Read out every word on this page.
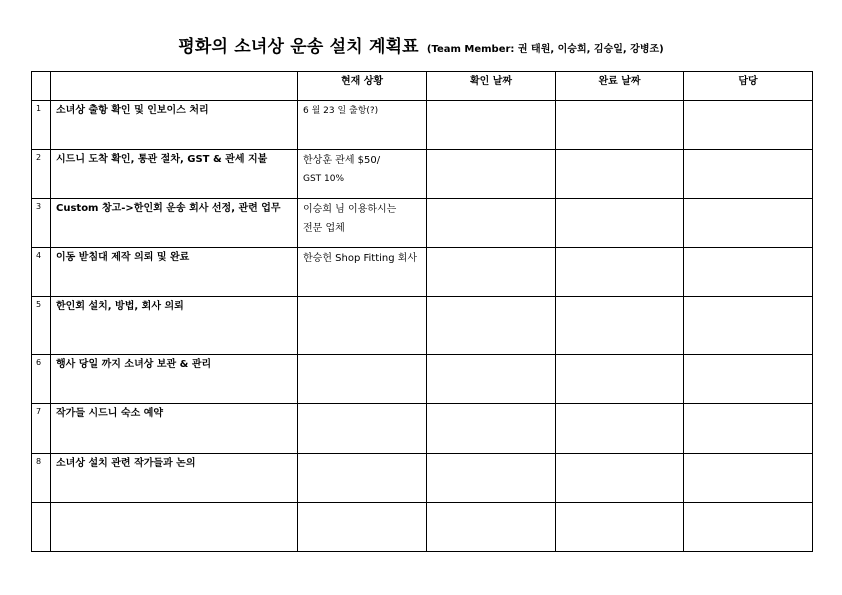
평화의 소녀상 운송 설치 계획표 (Team Member: 권 태원, 이승희, 김승일, 강병조)
		현재 상황	확인 날짜	완료 날짜	담당
1	소녀상 출항 확인 및 인보이스 처리	6 월 23 일 출항(?)			

2	시드니 도착 확인, 통관 절차, GST & 관세 지불	한상훈 관세 $50/
GST 10%			

3	Custom 창고->한인회 운송 회사 선정, 관련 업무	이승희 님 이용하시는
전문 업체			

4	이동 받침대 제작 의뢰 및 완료	한승헌 Shop Fitting 회사			

5	한인회 설치, 방법, 회사 의뢰	

6	행사 당일 까지 소녀상 보관 & 관리	

7	작가들 시드니 숙소 예약	

8	소녀상 설치 관련 작가들과 논의	
